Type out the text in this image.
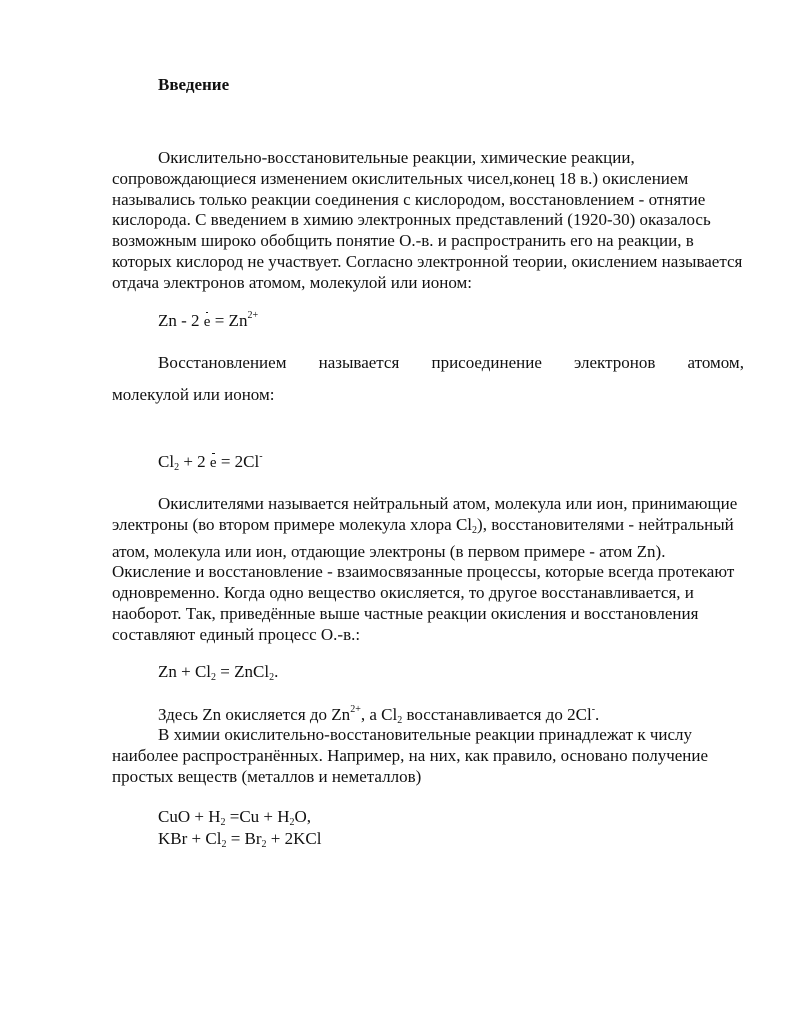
Введение

Окислительно-восстановительные реакции, химические реакции, сопровождающиеся изменением окислительных чисел,конец 18 в.) окислением назывались только реакции соединения с кислородом, восстановлением - отнятие кислорода. С введением в химию электронных представлений (1920-30) оказалось возможным широко обобщить понятие О.-в. и распространить его на реакции, в которых кислород не участвует. Согласно электронной теории, окислением называется отдача электронов атомом, молекулой или ионом:

Zn - 2 $e = Zn^{2+}$
Восстановлением называется присоединение электронов атомом,
молекулой или ионом:
$Cl_2 + 2$ e = 2Cl-

Окислителями называется нейтральный атом, молекула или ион, принимающие электроны (во втором примере молекула хлора $Cl_2$), восстановителями - нейтральный атом, молекула или ион, отдающие электроны (в первом примере - атом Zn). Окисление и восстановление - взаимосвязанные процессы, которые всегда протекают одновременно. Когда одно вещество окисляется, то другое восстанавливается, и наоборот. Так, приведённые выше частные реакции окисления и восстановления составляют единый процесс О.-в.:

$Zn + Cl_2$ = ZnCl$_2$.
Здесь Zn окисляется до $Zn^{2+}$, а $Cl_2$ восстанавливается до 2Cl-.

В химии окислительно-восстановительные реакции принадлежат к числу наиболее распространённых. Например, на них, как правило, основано получение простых веществ (металлов и неметаллов)

CuO + $H_2 =Cu + H_2O$,
KBr + $Cl_2 = Br_2 + 2KCl$
